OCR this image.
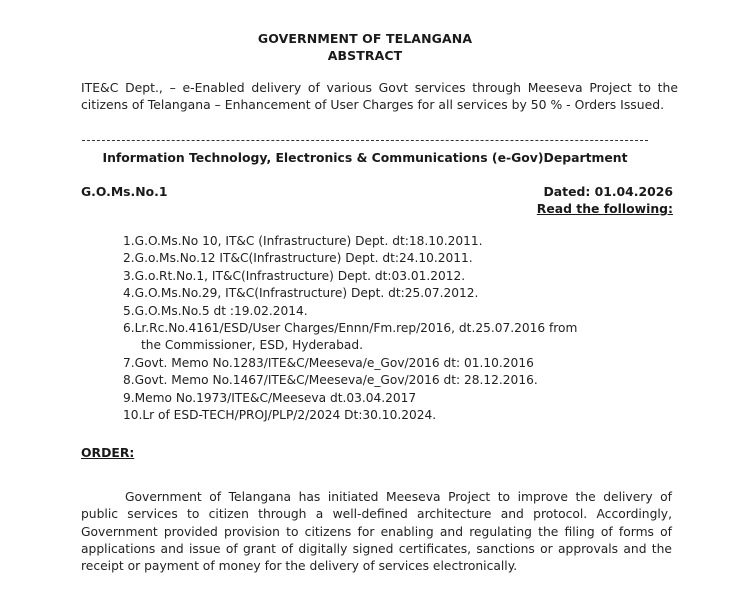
GOVERNMENT OF TELANGANA
ABSTRACT
ITE&C Dept., – e-Enabled delivery of various Govt services through Meeseva Project to the citizens of Telangana – Enhancement of User Charges for all services by 50 % - Orders Issued.
Information Technology, Electronics & Communications (e-Gov)Department
G.O.Ms.No.1	Dated: 01.04.2026
Read the following:
1.G.O.Ms.No 10, IT&C (Infrastructure) Dept. dt:18.10.2011.
2.G.o.Ms.No.12 IT&C(Infrastructure) Dept. dt:24.10.2011.
3.G.o.Rt.No.1, IT&C(Infrastructure) Dept. dt:03.01.2012.
4.G.O.Ms.No.29, IT&C(Infrastructure) Dept. dt:25.07.2012.
5.G.O.Ms.No.5 dt :19.02.2014.
6.Lr.Rc.No.4161/ESD/User Charges/Ennn/Fm.rep/2016, dt.25.07.2016 from
the Commissioner, ESD, Hyderabad.
7.Govt. Memo No.1283/ITE&C/Meeseva/e_Gov/2016 dt: 01.10.2016
8.Govt. Memo No.1467/ITE&C/Meeseva/e_Gov/2016 dt: 28.12.2016.
9.Memo No.1973/ITE&C/Meeseva dt.03.04.2017
10.Lr of ESD-TECH/PROJ/PLP/2/2024 Dt:30.10.2024.
ORDER:

Government of Telangana has initiated Meeseva Project to improve the delivery of public services to citizen through a well-defined architecture and protocol. Accordingly, Government provided provision to citizens for enabling and regulating the filing of forms of applications and issue of grant of digitally signed certificates, sanctions or approvals and the receipt or payment of money for the delivery of services electronically.
